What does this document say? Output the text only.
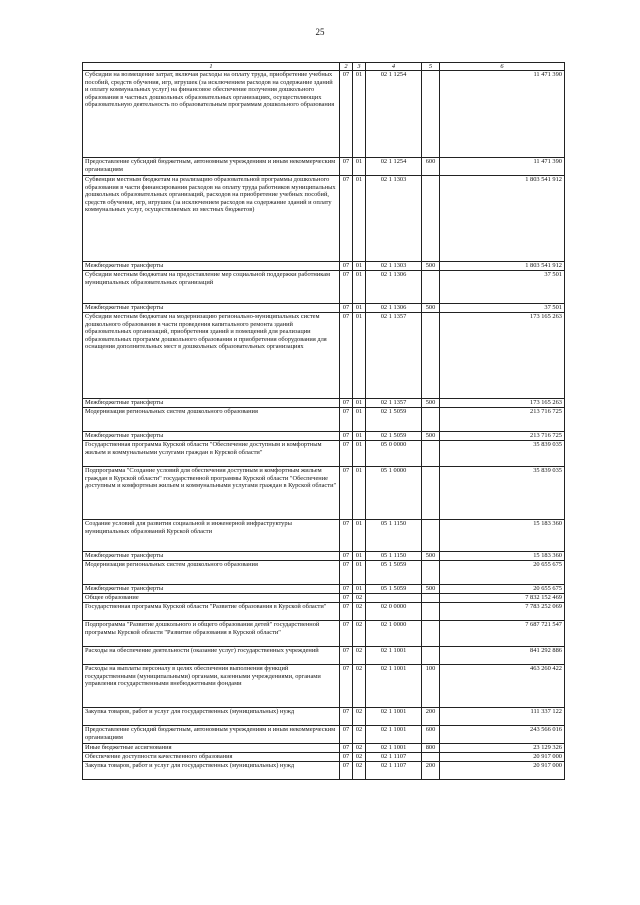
25
1	2	3	4	5	6
Субсидии на возмещение затрат, включая расходы на оплату труда, приобретение учебных пособий, средств обучения, игр, игрушек (за исключением расходов на содержание зданий и оплату коммунальных услуг) на финансовое обеспечение получения дошкольного образования в частных дошкольных образовательных организациях, осуществляющих образовательную деятельность по образовательным программам дошкольного образования	07	01	02 1 1254		11 471 390
Предоставление субсидий бюджетным, автономным учреждениям и иным некоммерческим организациям	07	01	02 1 1254	600	11 471 390
Субвенции местным бюджетам на реализацию образовательной программы дошкольного образования в части финансирования расходов на оплату труда работников муниципальных дошкольных образовательных организаций, расходов на приобретение учебных пособий, средств обучения, игр, игрушек (за исключением расходов на содержание зданий и оплату коммунальных услуг, осуществляемых из местных бюджетов)	07	01	02 1 1303		1 803 541 912
Межбюджетные трансферты	07	01	02 1 1303	500	1 803 541 912
Субсидии местным бюджетам на предоставление мер социальной поддержки работникам муниципальных образовательных организаций	07	01	02 1 1306		37 501
Межбюджетные трансферты	07	01	02 1 1306	500	37 501
Субсидии местным бюджетам на модернизацию регионально-муниципальных систем дошкольного образования в части проведения капитального ремонта зданий образовательных организаций, приобретения зданий и помещений для реализации образовательных программ дошкольного образования и приобретения оборудования для оснащения дополнительных мест в дошкольных образовательных организациях	07	01	02 1 1357		173 165 263
Межбюджетные трансферты	07	01	02 1 1357	500	173 165 263
Модернизация региональных систем дошкольного образования	07	01	02 1 5059		213 716 725
Межбюджетные трансферты	07	01	02 1 5059	500	213 716 725
Государственная программа Курской области "Обеспечение доступным и комфортным жильем и коммунальными услугами граждан в Курской области"	07	01	05 0 0000		35 839 035
Подпрограмма "Создание условий для обеспечения доступным и комфортным жильем граждан в Курской области" государственной программы Курской области "Обеспечение доступным и комфортным жильем и коммунальными услугами граждан в Курской области"	07	01	05 1 0000		35 839 035
Создание условий для развития социальной и инженерной инфраструктуры муниципальных образований Курской области	07	01	05 1 1150		15 183 360
Межбюджетные трансферты	07	01	05 1 1150	500	15 183 360
Модернизация региональных систем дошкольного образования	07	01	05 1 5059		20 655 675
Межбюджетные трансферты	07	01	05 1 5059	500	20 655 675
Общее образование	07	02			7 832 152 469
Государственная программа Курской области "Развитие образования в Курской области"	07	02	02 0 0000		7 783 252 069
Подпрограмма "Развитие дошкольного и общего образования детей" государственной программы Курской области "Развитие образования в Курской области"	07	02	02 1 0000		7 687 721 547
Расходы на обеспечение деятельности (оказание услуг) государственных учреждений	07	02	02 1 1001		841 292 886
Расходы на выплаты персоналу в целях обеспечения выполнения функций государственными (муниципальными) органами, казенными учреждениями, органами управления государственными внебюджетными фондами	07	02	02 1 1001	100	463 260 422
Закупка товаров, работ и услуг для государственных (муниципальных) нужд	07	02	02 1 1001	200	111 337 122
Предоставление субсидий бюджетным, автономным учреждениям и иным некоммерческим организациям	07	02	02 1 1001	600	243 566 016
Иные бюджетные ассигнования	07	02	02 1 1001	800	23 129 326
Обеспечение доступности качественного образования	07	02	02 1 1107		20 917 000
Закупка товаров, работ и услуг для государственных (муниципальных) нужд	07	02	02 1 1107	200	20 917 000
